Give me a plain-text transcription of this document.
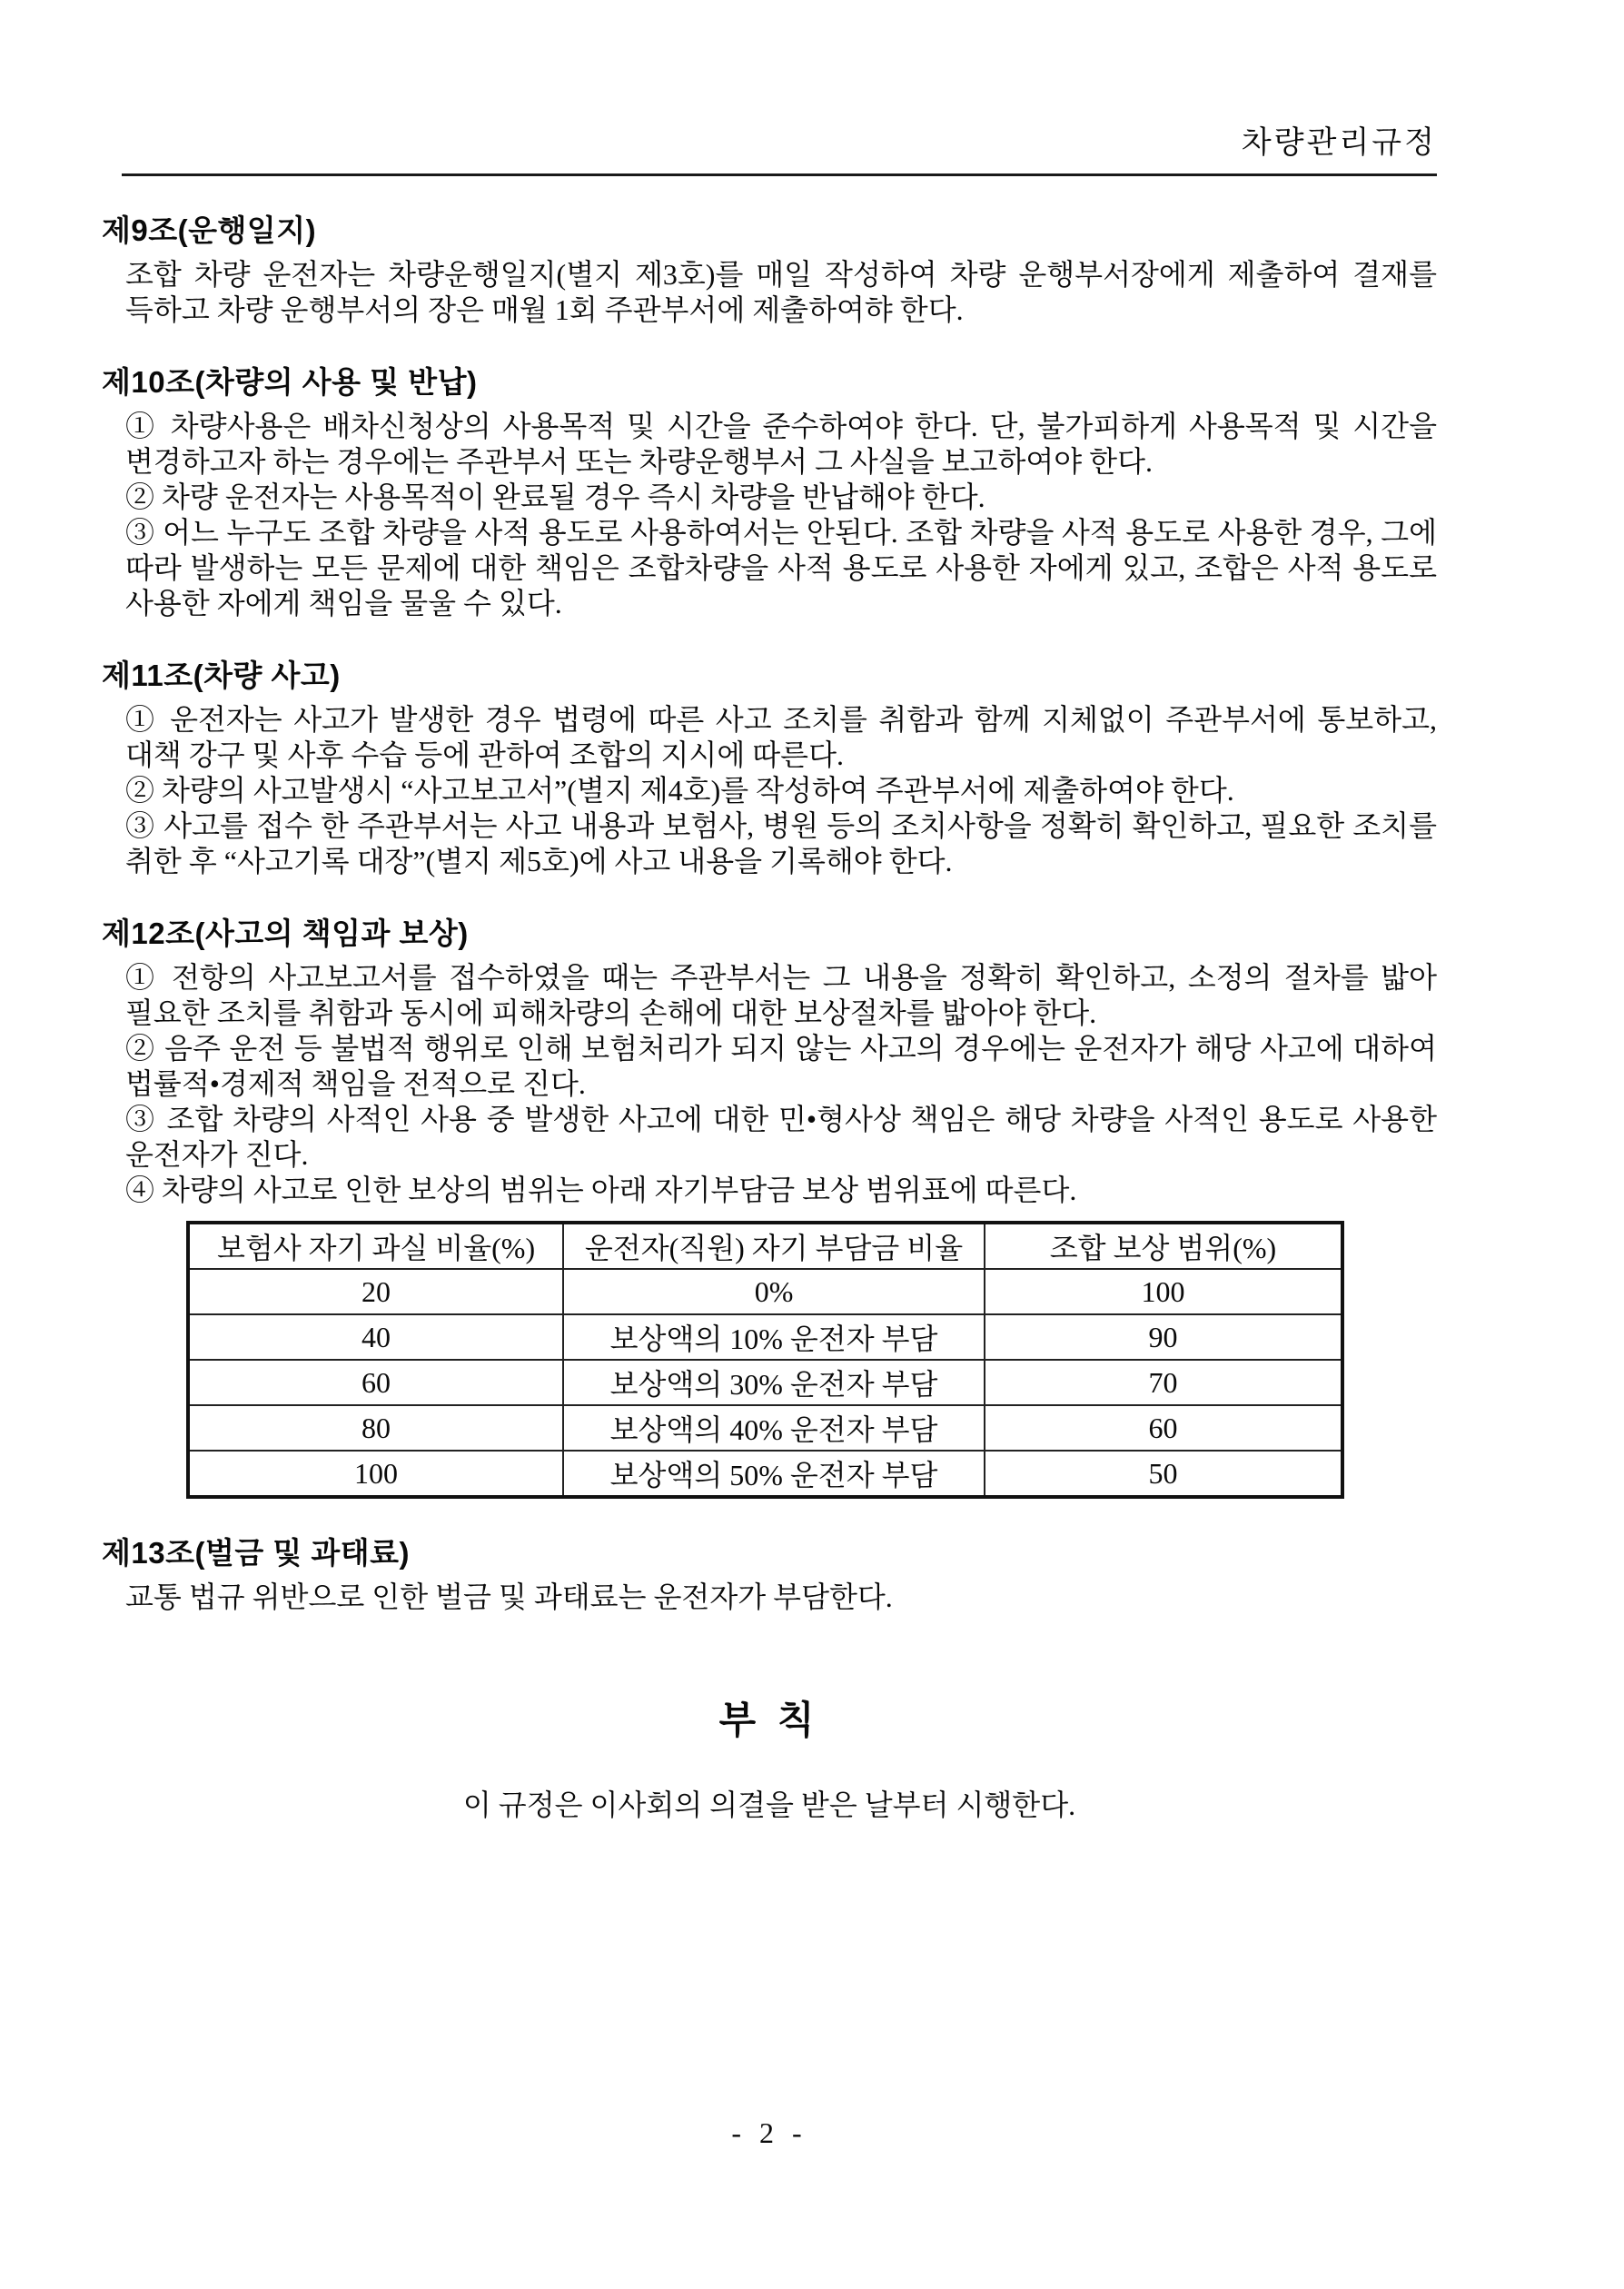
차량관리규정
제9조(운행일지)

조합 차량 운전자는 차량운행일지(별지 제3호)를 매일 작성하여 차량 운행부서장에게 제출하여 결재를 득하고 차량 운행부서의 장은 매월 1회 주관부서에 제출하여햐 한다.

제10조(차량의 사용 및 반납)

① 차량사용은 배차신청상의 사용목적 및 시간을 준수하여야 한다. 단, 불가피하게 사용목적 및 시간을 변경하고자 하는 경우에는 주관부서 또는 차량운행부서 그 사실을 보고하여야 한다.

② 차량 운전자는 사용목적이 완료될 경우 즉시 차량을 반납해야 한다.

③ 어느 누구도 조합 차량을 사적 용도로 사용하여서는 안된다. 조합 차량을 사적 용도로 사용한 경우, 그에 따라 발생하는 모든 문제에 대한 책임은 조합차량을 사적 용도로 사용한 자에게 있고, 조합은 사적 용도로 사용한 자에게 책임을 물울 수 있다.

제11조(차량 사고)

① 운전자는 사고가 발생한 경우 법령에 따른 사고 조치를 취함과 함께 지체없이 주관부서에 통보하고, 대책 강구 및 사후 수습 등에 관하여 조합의 지시에 따른다.

② 차량의 사고발생시 “사고보고서”(별지 제4호)를 작성하여 주관부서에 제출하여야 한다.

③ 사고를 접수 한 주관부서는 사고 내용과 보험사, 병원 등의 조치사항을 정확히 확인하고, 필요한 조치를 취한 후 “사고기록 대장”(별지 제5호)에 사고 내용을 기록해야 한다.

제12조(사고의 책임과 보상)

① 전항의 사고보고서를 접수하였을 때는 주관부서는 그 내용을 정확히 확인하고, 소정의 절차를 밟아 필요한 조치를 취함과 동시에 피해차량의 손해에 대한 보상절차를 밟아야 한다.

② 음주 운전 등 불법적 행위로 인해 보험처리가 되지 않는 사고의 경우에는 운전자가 해당 사고에 대하여 법률적•경제적 책임을 전적으로 진다.

③ 조합 차량의 사적인 사용 중 발생한 사고에 대한 민•형사상 책임은 해당 차량을 사적인 용도로 사용한 운전자가 진다.

④ 차량의 사고로 인한 보상의 범위는 아래 자기부담금 보상 범위표에 따른다.

보험사 자기 과실 비율(%)	운전자(직원) 자기 부담금 비율	조합 보상 범위(%)
20	0%	100
40	보상액의 10% 운전자 부담	90
60	보상액의 30% 운전자 부담	70
80	보상액의 40% 운전자 부담	60
100	보상액의 50% 운전자 부담	50
제13조(벌금 및 과태료)

교통 법규 위반으로 인한 벌금 및 과태료는 운전자가 부담한다.

부 칙

이 규정은 이사회의 의결을 받은 날부터 시행한다.

- 2 -
